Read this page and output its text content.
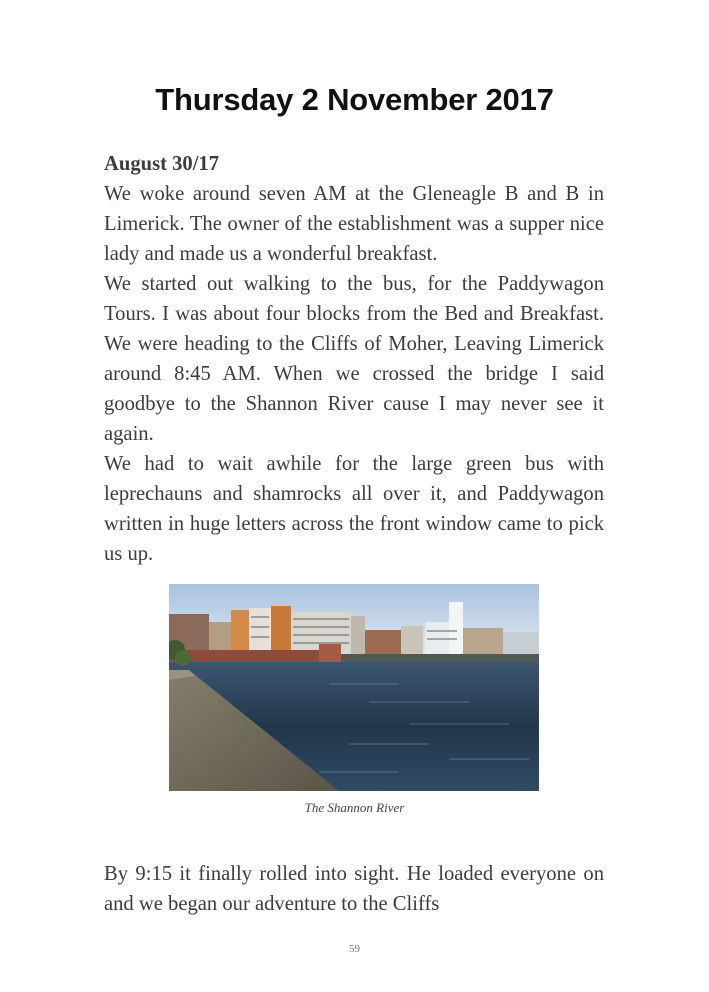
Thursday 2 November 2017

August 30/17

We woke around seven AM at the Gleneagle B and B in Limerick. The owner of the establishment was a supper nice lady and made us a wonderful breakfast.

We started out walking to the bus, for the Paddywagon Tours. I was about four blocks from the Bed and Breakfast. We were heading to the Cliffs of Moher, Leaving Limerick around 8:45 AM. When we crossed the bridge I said goodbye to the Shannon River cause I may never see it again.

We had to wait awhile for the large green bus with leprechauns and shamrocks all over it, and Paddywagon written in huge letters across the front window came to pick us up.

The Shannon River

By 9:15 it finally rolled into sight. He loaded everyone on and we began our adventure to the Cliffs

59
